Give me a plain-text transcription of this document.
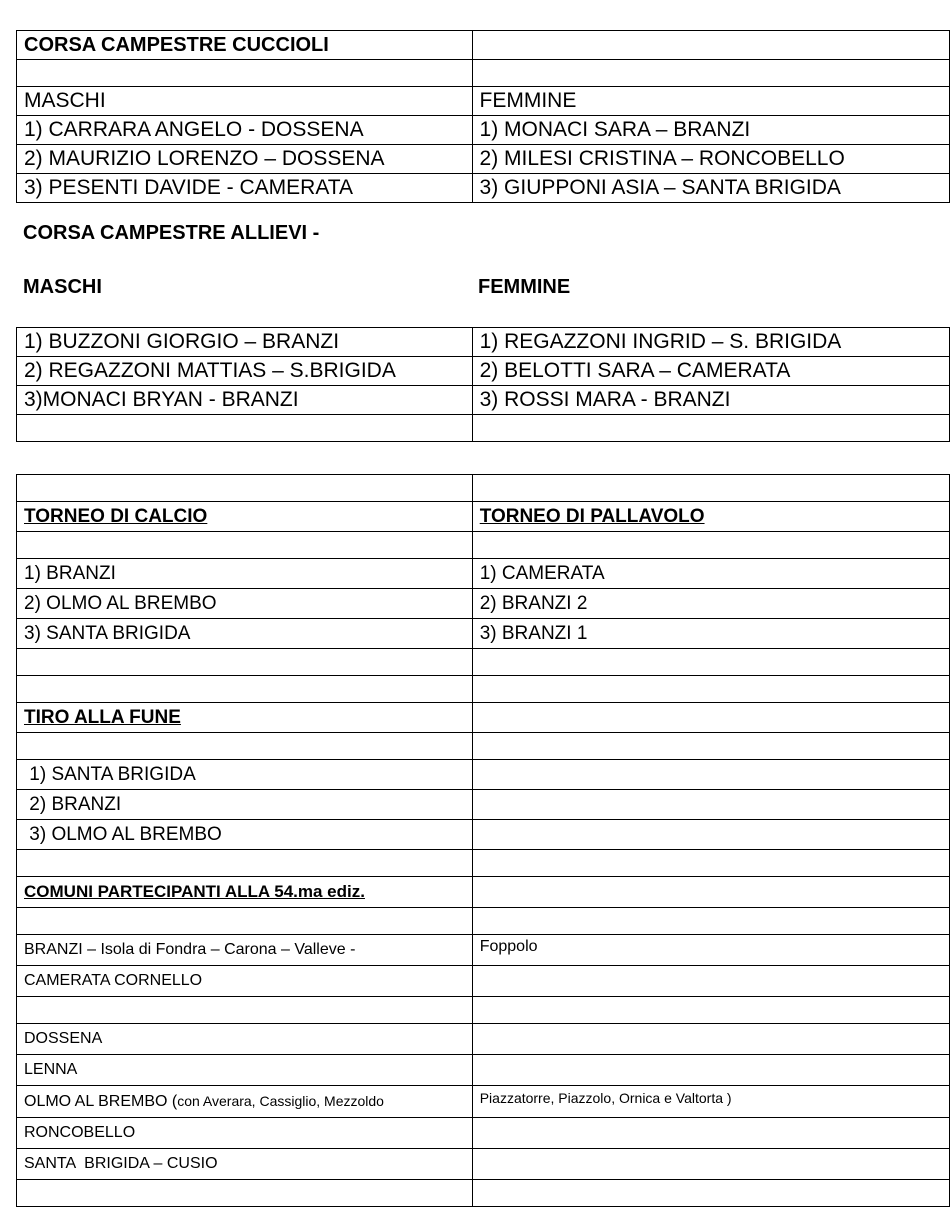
CORSA CAMPESTRE CUCCIOLI	

MASCHI	FEMMINE
1) CARRARA ANGELO - DOSSENA	1) MONACI SARA – BRANZI
2) MAURIZIO LORENZO – DOSSENA	2) MILESI CRISTINA – RONCOBELLO
3) PESENTI DAVIDE - CAMERATA	3) GIUPPONI ASIA – SANTA BRIGIDA
CORSA CAMPESTRE ALLIEVI -
MASCHI	FEMMINE
1) BUZZONI GIORGIO – BRANZI	1) REGAZZONI INGRID – S. BRIGIDA
2) REGAZZONI MATTIAS – S.BRIGIDA	2) BELOTTI SARA – CAMERATA
3)MONACI BRYAN - BRANZI	3) ROSSI MARA - BRANZI

TORNEO DI CALCIO	TORNEO DI PALLAVOLO

1) BRANZI	1) CAMERATA
2) OLMO AL BREMBO	2) BRANZI 2
3) SANTA BRIGIDA	3) BRANZI 1

TIRO ALLA FUNE	

1) SANTA BRIGIDA	
2) BRANZI	
3) OLMO AL BREMBO	

COMUNI PARTECIPANTI ALLA 54.ma ediz.	

BRANZI – Isola di Fondra – Carona – Valleve -	Foppolo
CAMERATA CORNELLO	

DOSSENA	
LENNA	
OLMO AL BREMBO (con Averara, Cassiglio, Mezzoldo	Piazzatorre, Piazzolo, Ornica e Valtorta )
RONCOBELLO	
SANTA  BRIGIDA – CUSIO	
